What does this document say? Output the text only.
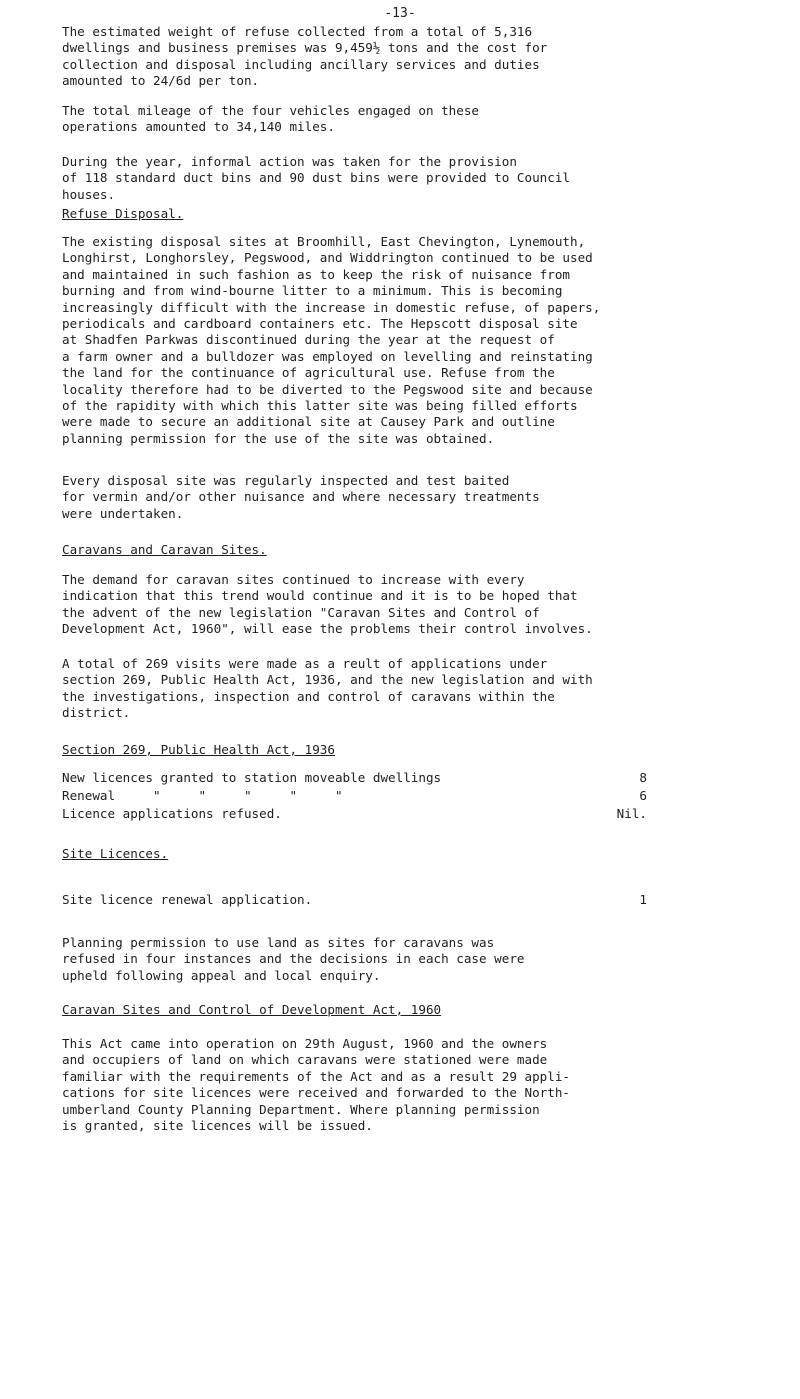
-13-
The estimated weight of refuse collected from a total of 5,316
dwellings and business premises was 9,459½ tons and the cost for
collection and disposal including ancillary services and duties
amounted to 24/6d per ton.
The total mileage of the four vehicles engaged on these
operations amounted to 34,140 miles.
During the year, informal action was taken for the provision
of 118 standard duct bins and 90 dust bins were provided to Council
houses.
Refuse Disposal.
The existing disposal sites at Broomhill, East Chevington, Lynemouth,
Longhirst, Longhorsley, Pegswood, and Widdrington continued to be used
and maintained in such fashion as to keep the risk of nuisance from
burning and from wind-bourne litter to a minimum. This is becoming
increasingly difficult with the increase in domestic refuse, of papers,
periodicals and cardboard containers etc. The Hepscott disposal site
at Shadfen Parkwas discontinued during the year at the request of
a farm owner and a bulldozer was employed on levelling and reinstating
the land for the continuance of agricultural use. Refuse from the
locality therefore had to be diverted to the Pegswood site and because
of the rapidity with which this latter site was being filled efforts
were made to secure an additional site at Causey Park and outline
planning permission for the use of the site was obtained.
Every disposal site was regularly inspected and test baited
for vermin and/or other nuisance and where necessary treatments
were undertaken.
Caravans and Caravan Sites.
The demand for caravan sites continued to increase with every
indication that this trend would continue and it is to be hoped that
the advent of the new legislation "Caravan Sites and Control of
Development Act, 1960", will ease the problems their control involves.
A total of 269 visits were made as a reult of applications under
section 269, Public Health Act, 1936, and the new legislation and with
the investigations, inspection and control of caravans within the
district.
Section 269, Public Health Act, 1936
New licences granted to station moveable dwellings	8
Renewal     "     "     "     "     "	6
Licence applications refused.	Nil.
Site Licences.
Site licence renewal application.	1
Planning permission to use land as sites for caravans was
refused in four instances and the decisions in each case were
upheld following appeal and local enquiry.
Caravan Sites and Control of Development Act, 1960
This Act came into operation on 29th August, 1960 and the owners
and occupiers of land on which caravans were stationed were made
familiar with the requirements of the Act and as a result 29 appli-
cations for site licences were received and forwarded to the North-
umberland County Planning Department. Where planning permission
is granted, site licences will be issued.
